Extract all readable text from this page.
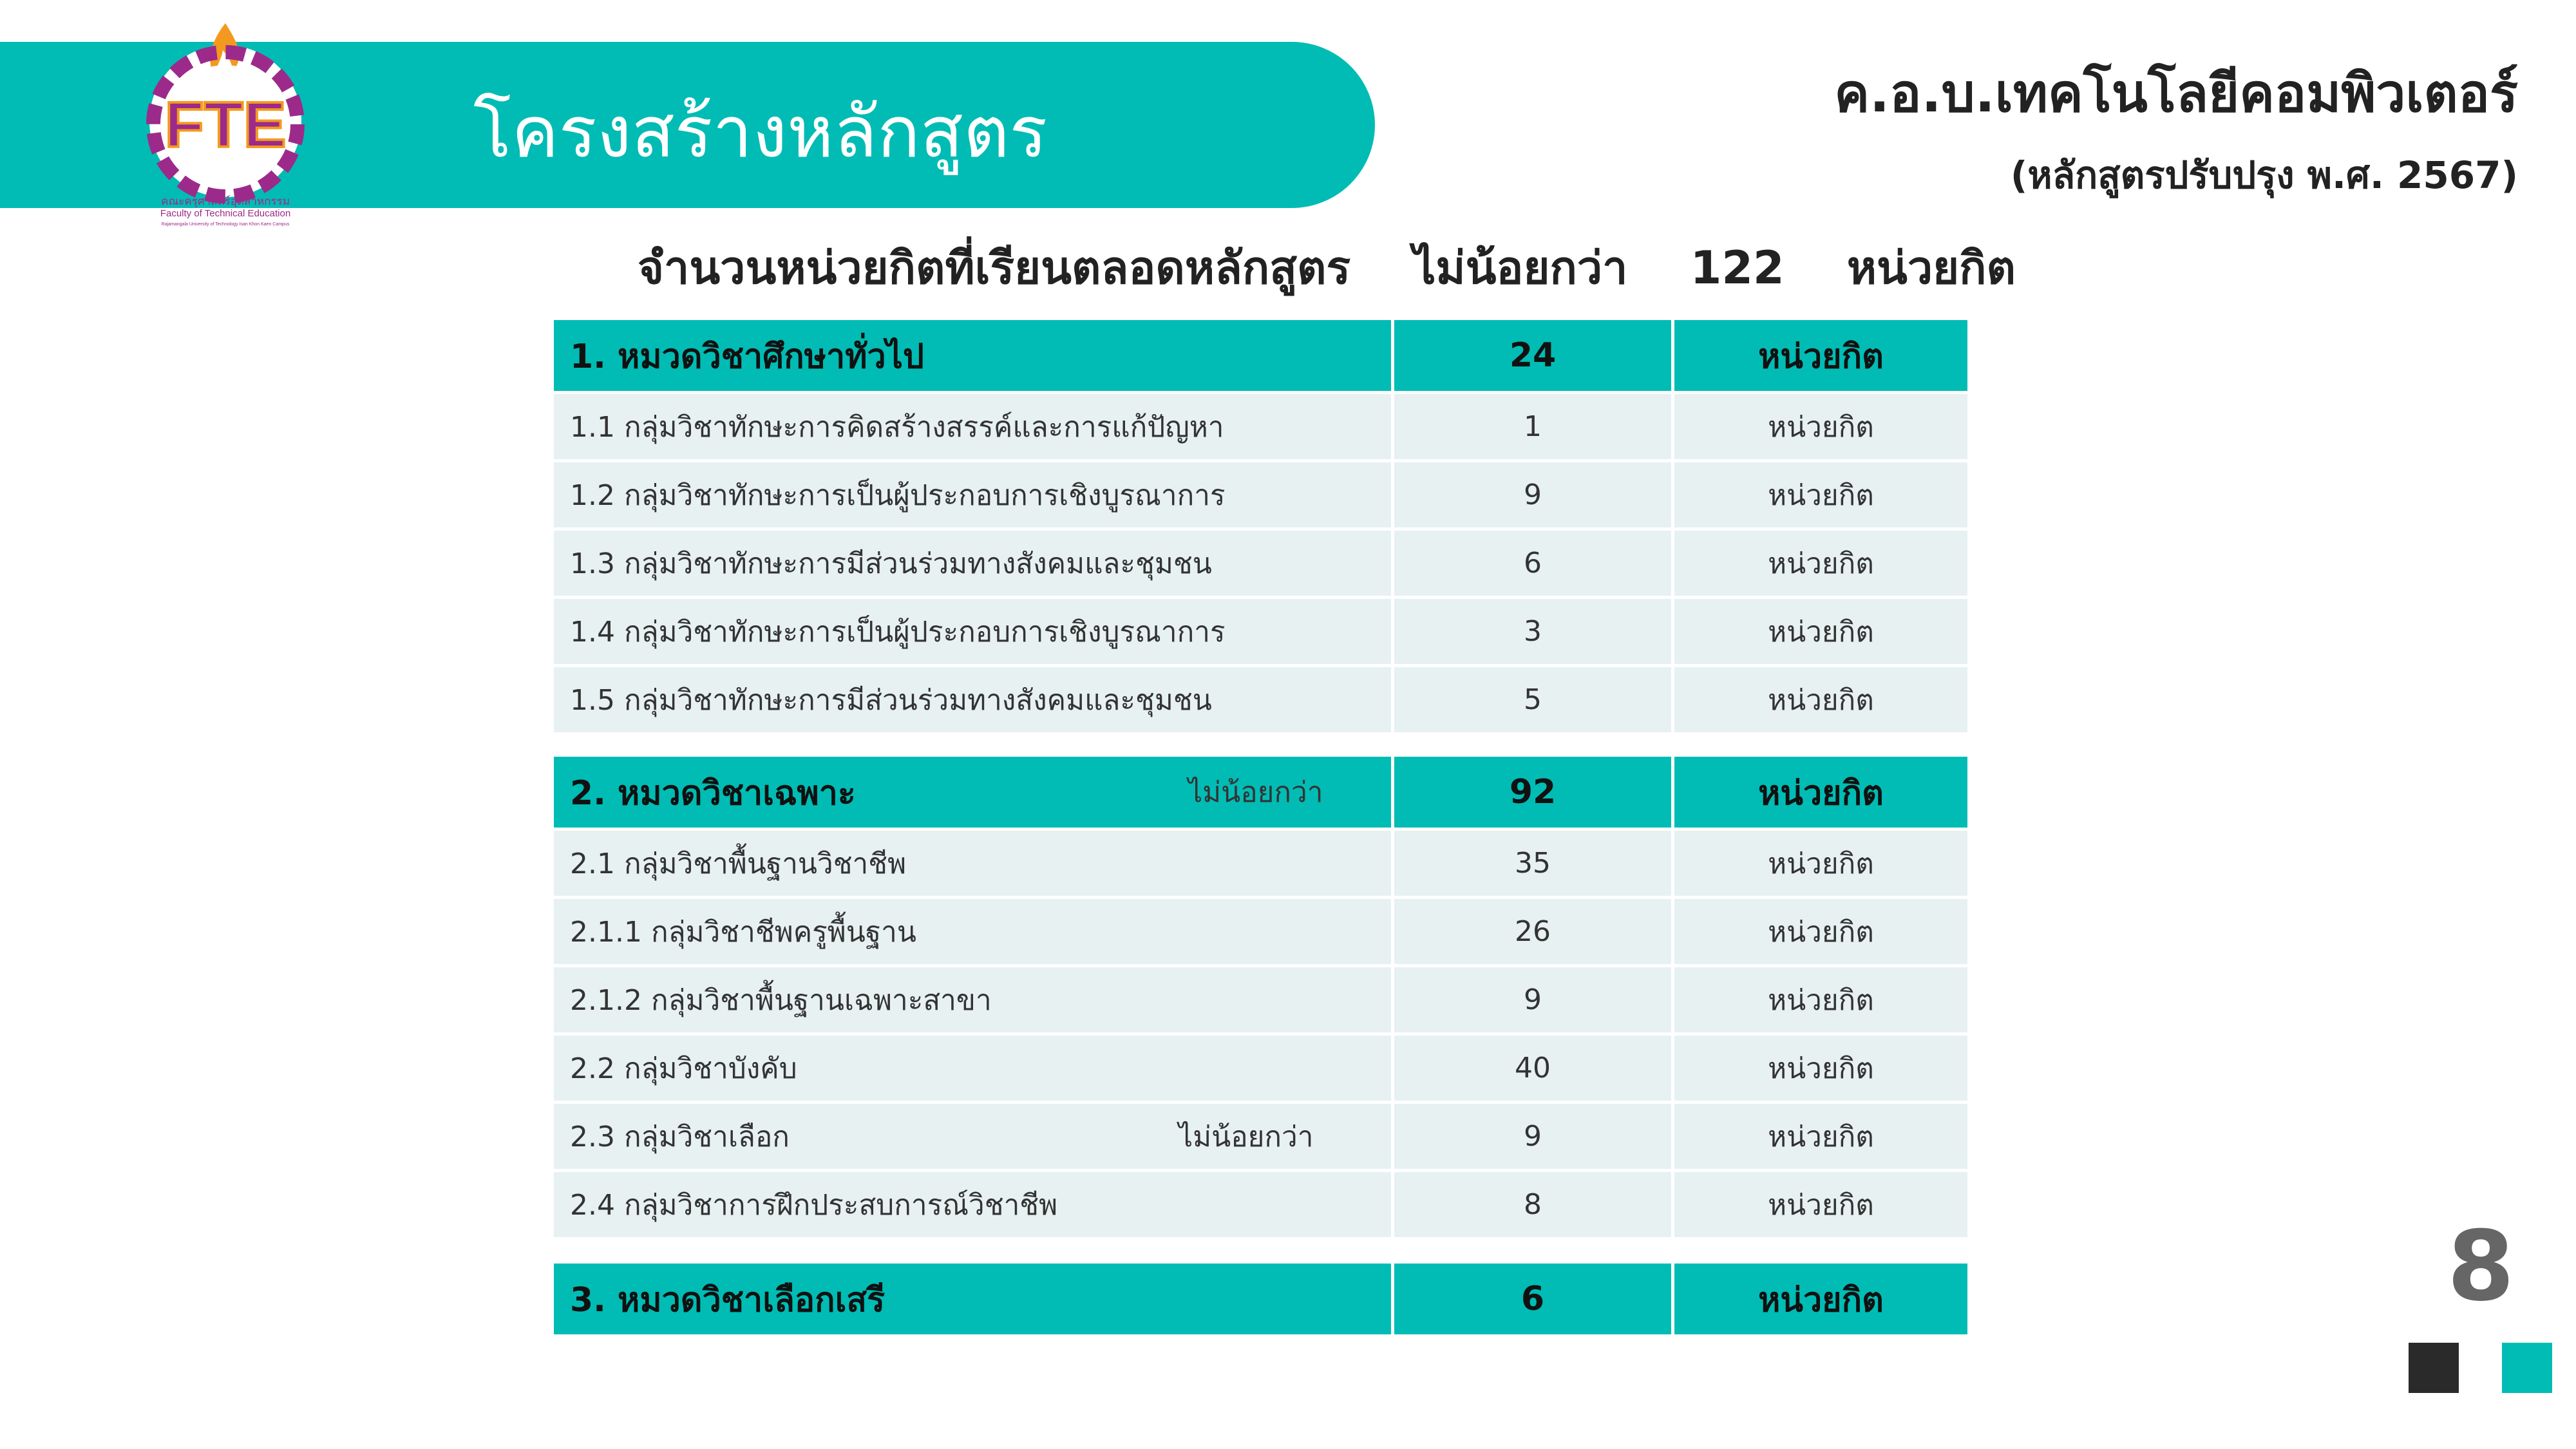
FTE
คณะครุศาสตร์อุตสาหกรรม
Faculty of Technical Education
Rajamangala University of Technology Isan Khon Kaen Campus
โครงสร้างหลักสูตร	ค.อ.บ.เทคโนโลยีคอมพิวเตอร์
(หลักสูตรปรับปรุง พ.ศ. 2567)
จำนวนหน่วยกิตที่เรียนตลอดหลักสูตร ไม่น้อยกว่า 122 หน่วยกิต
1. หมวดวิชาศึกษาทั่วไป	24	หน่วยกิต
1.1 กลุ่มวิชาทักษะการคิดสร้างสรรค์และการแก้ปัญหา	1	หน่วยกิต
1.2 กลุ่มวิชาทักษะการเป็นผู้ประกอบการเชิงบูรณาการ	9	หน่วยกิต
1.3 กลุ่มวิชาทักษะการมีส่วนร่วมทางสังคมและชุมชน	6	หน่วยกิต
1.4 กลุ่มวิชาทักษะการเป็นผู้ประกอบการเชิงบูรณาการ	3	หน่วยกิต
1.5 กลุ่มวิชาทักษะการมีส่วนร่วมทางสังคมและชุมชน	5	หน่วยกิต
2. หมวดวิชาเฉพาะ ไม่น้อยกว่า	92	หน่วยกิต
2.1 กลุ่มวิชาพื้นฐานวิชาชีพ	35	หน่วยกิต
2.1.1 กลุ่มวิชาชีพครูพื้นฐาน	26	หน่วยกิต
2.1.2 กลุ่มวิชาพื้นฐานเฉพาะสาขา	9	หน่วยกิต
2.2 กลุ่มวิชาบังคับ	40	หน่วยกิต
2.3 กลุ่มวิชาเลือก ไม่น้อยกว่า	9	หน่วยกิต
2.4 กลุ่มวิชาการฝึกประสบการณ์วิชาชีพ	8	หน่วยกิต
3. หมวดวิชาเลือกเสรี	6	หน่วยกิต	8
